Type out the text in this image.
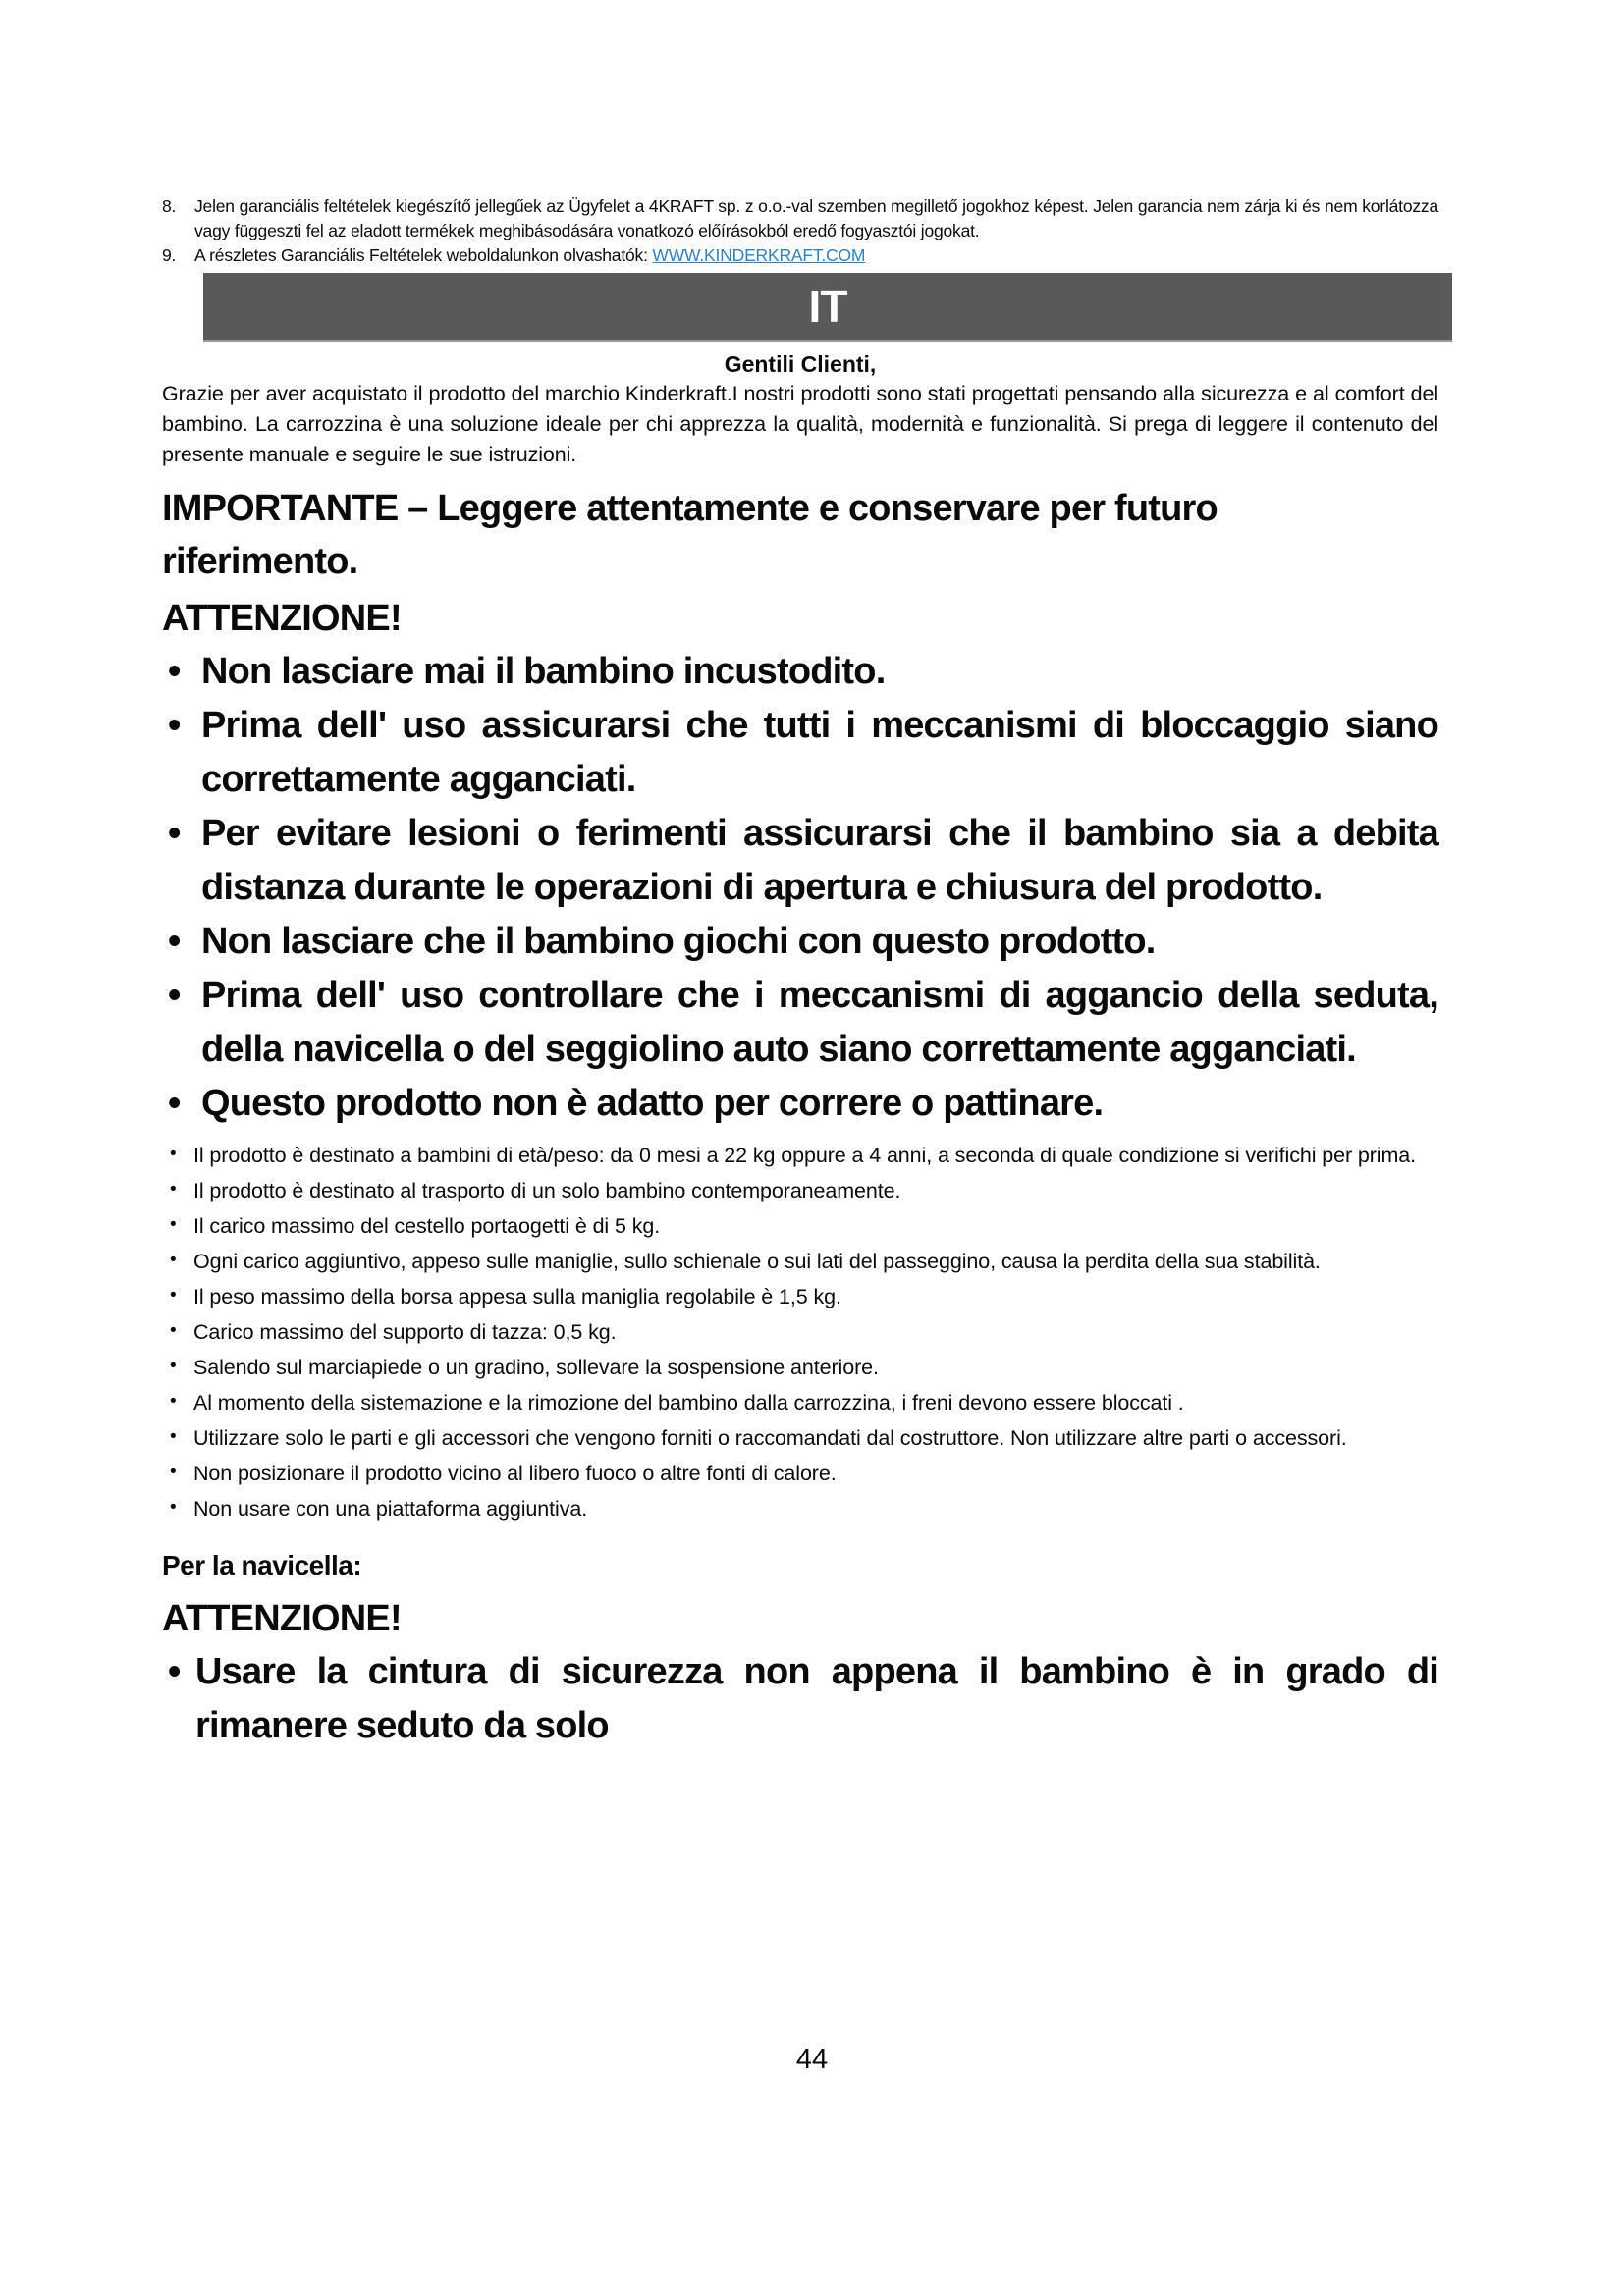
8.	Jelen garanciális feltételek kiegészítő jellegűek az Ügyfelet a 4KRAFT sp. z o.o.-val szemben megillető jogokhoz képest. Jelen garancia nem zárja ki és nem korlátozza vagy függeszti fel az eladott termékek meghibásodására vonatkozó előírásokból eredő fogyasztói jogokat.
9.	A részletes Garanciális Feltételek weboldalunkon olvashatók: WWW.KINDERKRAFT.COM
IT
Gentili Clienti,

Grazie per aver acquistato il prodotto del marchio Kinderkraft.I nostri prodotti sono stati progettati pensando alla sicurezza e al comfort del bambino. La carrozzina è una soluzione ideale per chi apprezza la qualità, modernità e funzionalità. Si prega di leggere il contenuto del presente manuale e seguire le sue istruzioni.

IMPORTANTE – Leggere attentamente e conservare per futuro riferimento.
ATTENZIONE!
• Non lasciare mai il bambino incustodito.
• Prima dell' uso assicurarsi che tutti i meccanismi di bloccaggio siano correttamente agganciati.
• Per evitare lesioni o ferimenti assicurarsi che il bambino sia a debita distanza durante le operazioni di apertura e chiusura del prodotto.
• Non lasciare che il bambino giochi con questo prodotto.
• Prima dell' uso controllare che i meccanismi di aggancio della seduta, della navicella o del seggiolino auto siano correttamente agganciati.
• Questo prodotto non è adatto per correre o pattinare.
• Il prodotto è destinato a bambini di età/peso: da 0 mesi a 22 kg oppure a 4 anni, a seconda di quale condizione si verifichi per prima.
• Il prodotto è destinato al trasporto di un solo bambino contemporaneamente.
• Il carico massimo del cestello portaogetti è di 5 kg.
• Ogni carico aggiuntivo, appeso sulle maniglie, sullo schienale o sui lati del passeggino, causa la perdita della sua stabilità.
• Il peso massimo della borsa appesa sulla maniglia regolabile è 1,5 kg.
• Carico massimo del supporto di tazza: 0,5 kg.
• Salendo sul marciapiede o un gradino, sollevare la sospensione anteriore.
• Al momento della sistemazione e la rimozione del bambino dalla carrozzina, i freni devono essere bloccati .
• Utilizzare solo le parti e gli accessori che vengono forniti o raccomandati dal costruttore. Non utilizzare altre parti o accessori.
• Non posizionare il prodotto vicino al libero fuoco o altre fonti di calore.
• Non usare con una piattaforma aggiuntiva.
Per la navicella:
ATTENZIONE!
• Usare la cintura di sicurezza non appena il bambino è in grado di rimanere seduto da solo
44
